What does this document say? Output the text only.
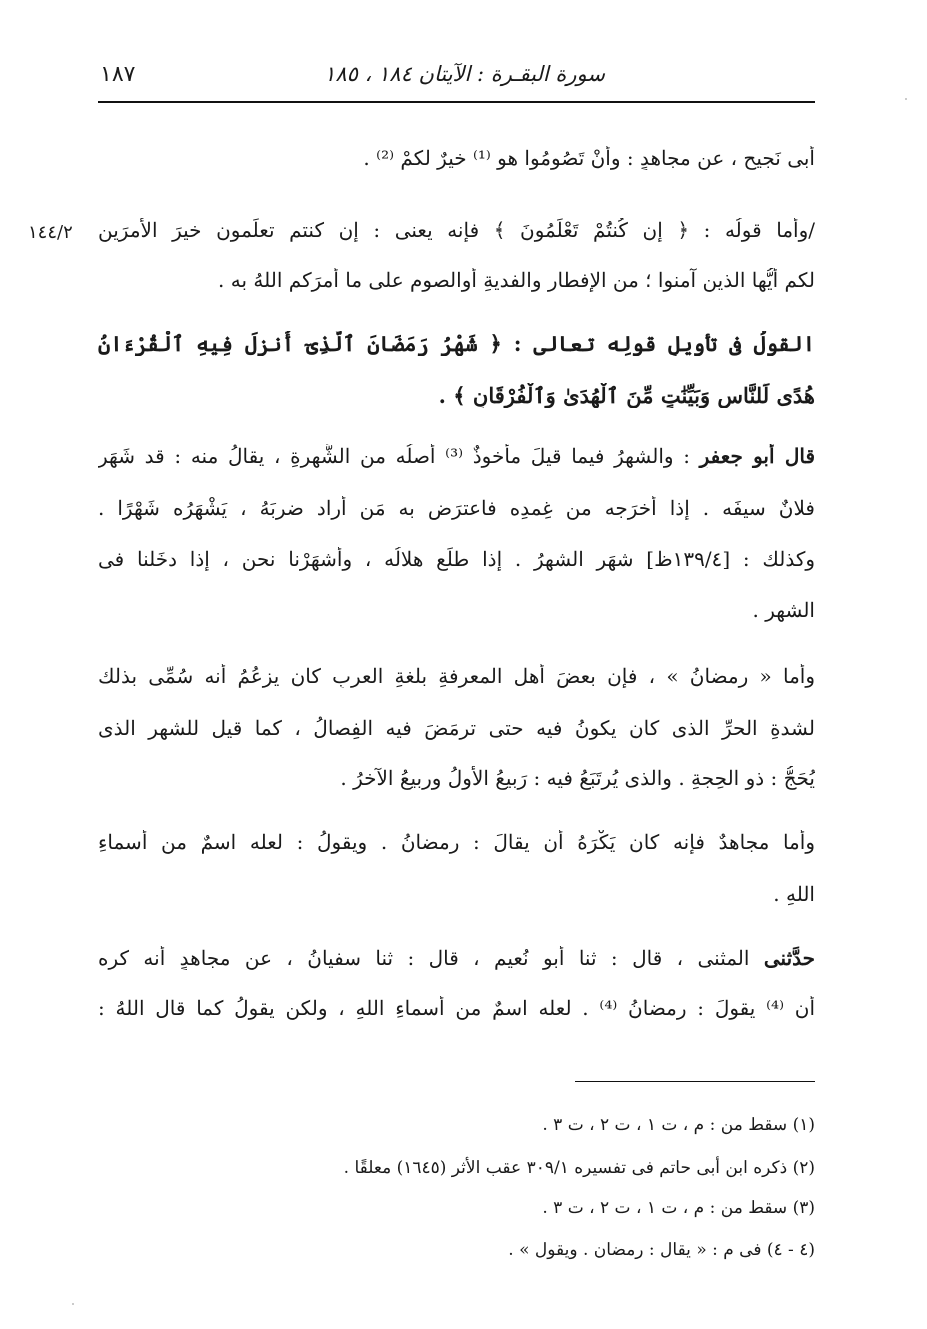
سورة البقـرة : الآيتان ١٨٤ ، ١٨٥
١٨٧
١٤٤/٢
أبى نَجيحٍ ، عن مجاهدٍ : وأنْ تَصُومُوا هو ⁽¹⁾ خيرٌ لكمْ ⁽²⁾ .
/وأما قولُه : ﴿ إِن كُنتُمْ تَعْلَمُونَ ﴾ فإنه يعنى : إن كنتم تعلَمون خيرَ الأمرَين
لكم أيُّها الذين آمنوا ؛ من الإفطارِ والفديةِ أوالصومِ على ما أمرَكم اللهُ به .
القولُ فى تأويلِ قولِه تعالى : ﴿ شَهْرُ رَمَضَانَ ٱلَّذِىٓ أُنزِلَ فِيهِ ٱلْقُرْءَانُ
هُدًى لِّلنَّاسِ وَبَيِّنَٰتٍ مِّنَ ٱلْهُدَىٰ وَٱلْفُرْقَانِ ﴾ .
قال أبو جعفرٍ : والشهرُ فيما قيلَ مأخوذٌ ⁽³⁾ أصلُه من الشُّهرةِ ، يقالُ منه : قد شَهَر
فلانٌ سيفَه . إذا أخرَجه من غِمدِه فاعترَض به مَن أراد ضربَهُ ، يَشْهَرُه شَهْرًا .
وكذلك : [١٣٩/٤ظ] شهَر الشهرُ . إذا طلَع هلالُه ، وأشهَرْنا نحن ، إذا دخَلنا فى
الشهرِ .
وأما « رمضانُ » ، فإن بعضَ أهلِ المعرفةِ بلغةِ العربِ كان يزعُمُ أنه سُمِّى بذلك
لشدةِ الحرِّ الذى كان يكونُ فيه حتى ترمَضَ فيه الفِصالُ ، كما قيل للشهرِ الذى
يُحَجُّ : ذو الحِجةِ . والذى يُرتَبَعُ فيه : رَبيعُ الأولُ وربيعُ الآخرُ .
وأما مجاهدٌ فإنه كان يَكْرَهُ أن يقالَ : رمضانُ . ويقولُ : لعله اسمٌ من أسماءِ
اللهِ .
حدَّثنى المثنى ، قال : ثنا أبو نُعيمٍ ، قال : ثنا سفيانُ ، عن مجاهدٍ أنه كره
أن ⁽⁴⁾ يقولَ : رمضانُ ⁽⁴⁾ . لعله اسمٌ من أسماءِ اللهِ ، ولكن يقولُ كما قال اللهُ :
(١) سقط من : م ، ت ١ ، ت ٢ ، ت ٣ .
(٢) ذكره ابن أبى حاتم فى تفسيره ٣٠٩/١ عقب الأثر (١٦٤٥) معلقًا .
(٣) سقط من : م ، ت ١ ، ت ٢ ، ت ٣ .
(٤ - ٤) فى م : « يقال : رمضان . ويقول » .
